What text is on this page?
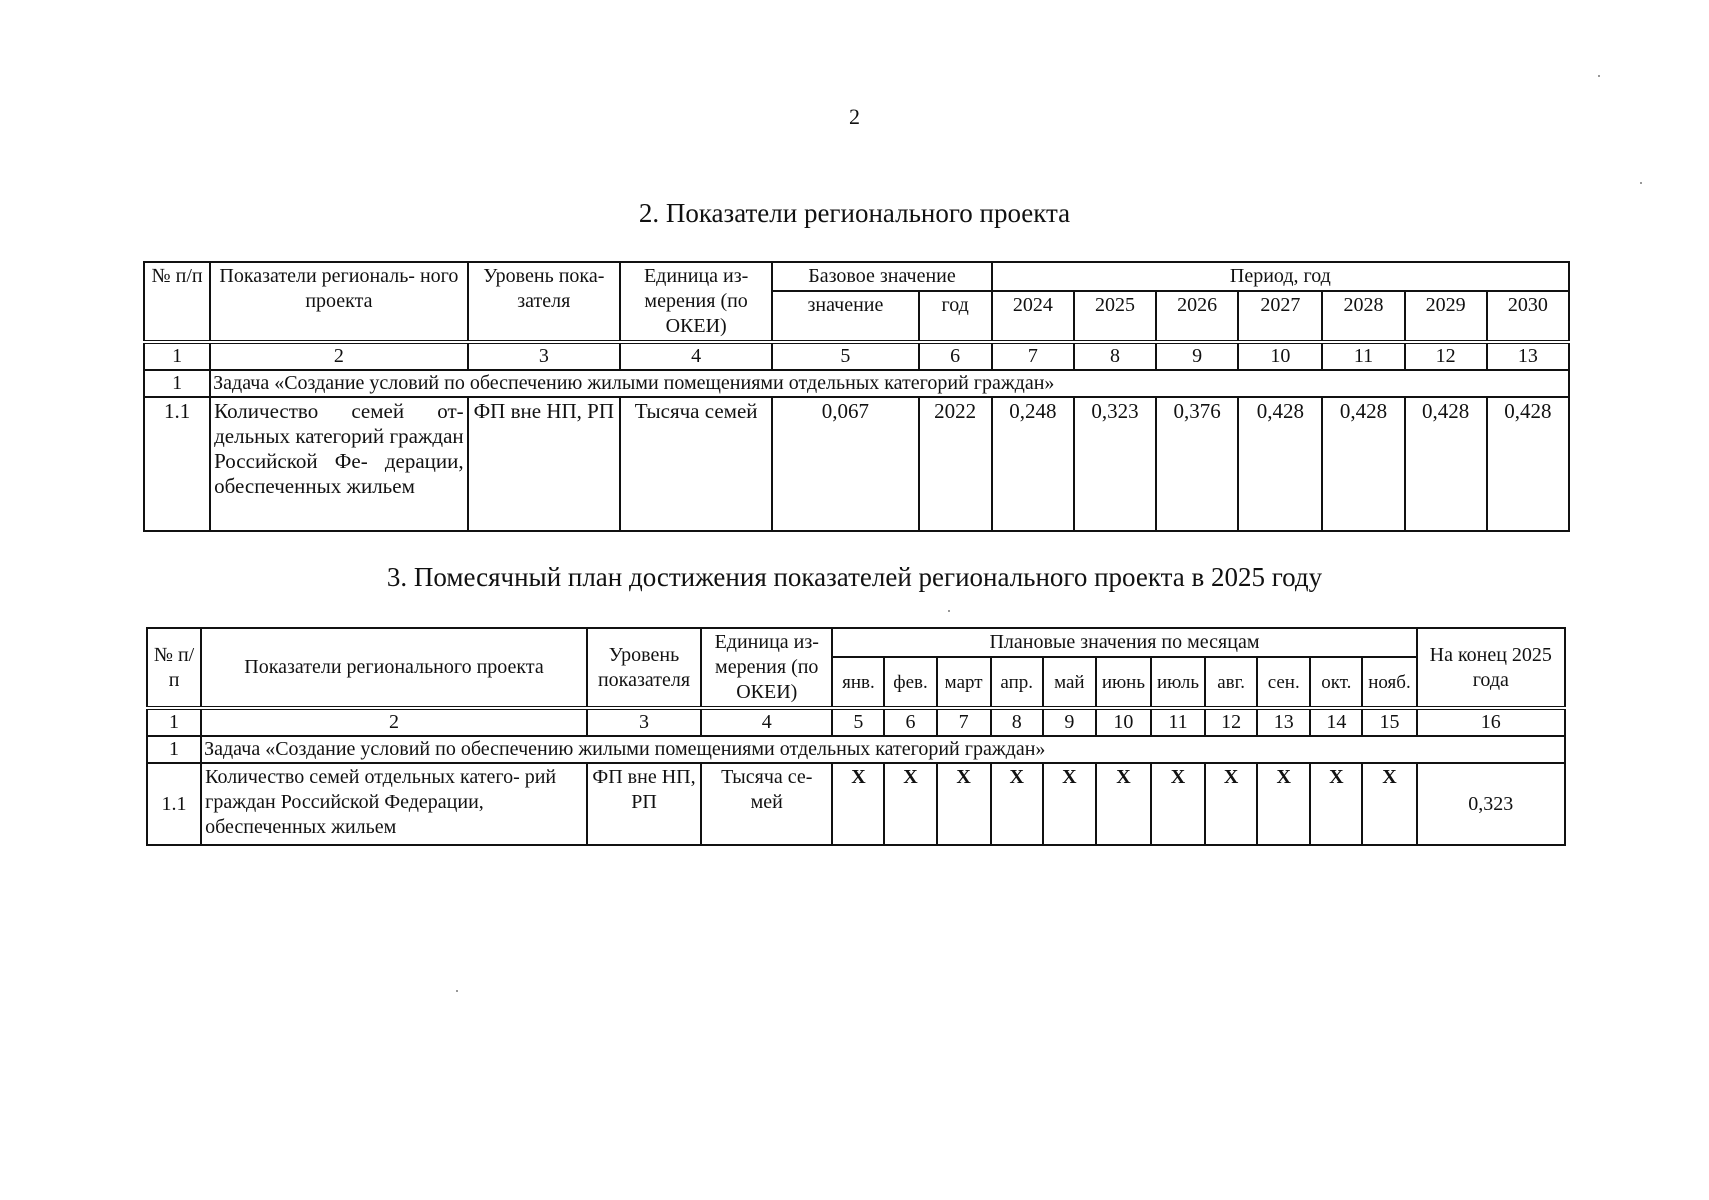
2
2. Показатели регионального проекта
№ п/п	Показатели региональ- ного проекта	Уровень пока- зателя	Единица из- мерения (по ОКЕИ)	Базовое значение		Период, год						
				значение	год	2024	2025	2026	2027	2028	2029	2030
1	2	3	4	5	6	7	8	9	10	11	12	13
1	Задача «Создание условий по обеспечению жилыми помещениями отдельных категорий граждан»											
1.1	Количество семей от- дельных категорий граждан Российской Фе- дерации, обеспеченных жильем	ФП вне НП, РП	Тысяча семей	0,067	2022	0,248	0,323	0,376	0,428	0,428	0,428	0,428
3. Помесячный план достижения показателей регионального проекта в 2025 году
№ п/п	Показатели регионального проекта	Уровень показателя	Единица из- мерения (по ОКЕИ)	Плановые значения по месяцам											На конец 2025 года
				янв.	фев.	март	апр.	май	июнь	июль	авг.	сен.	окт.	нояб.	
1	2	3	4	5	6	7	8	9	10	11	12	13	14	15	16
1	Задача «Создание условий по обеспечению жилыми помещениями отдельных категорий граждан»														
1.1	Количество семей отдельных катего- рий граждан Российской Федерации, обеспеченных жильем	ФП вне НП, РП	Тысяча се- мей	X	X	X	X	X	X	X	X	X	X	X	0,323
